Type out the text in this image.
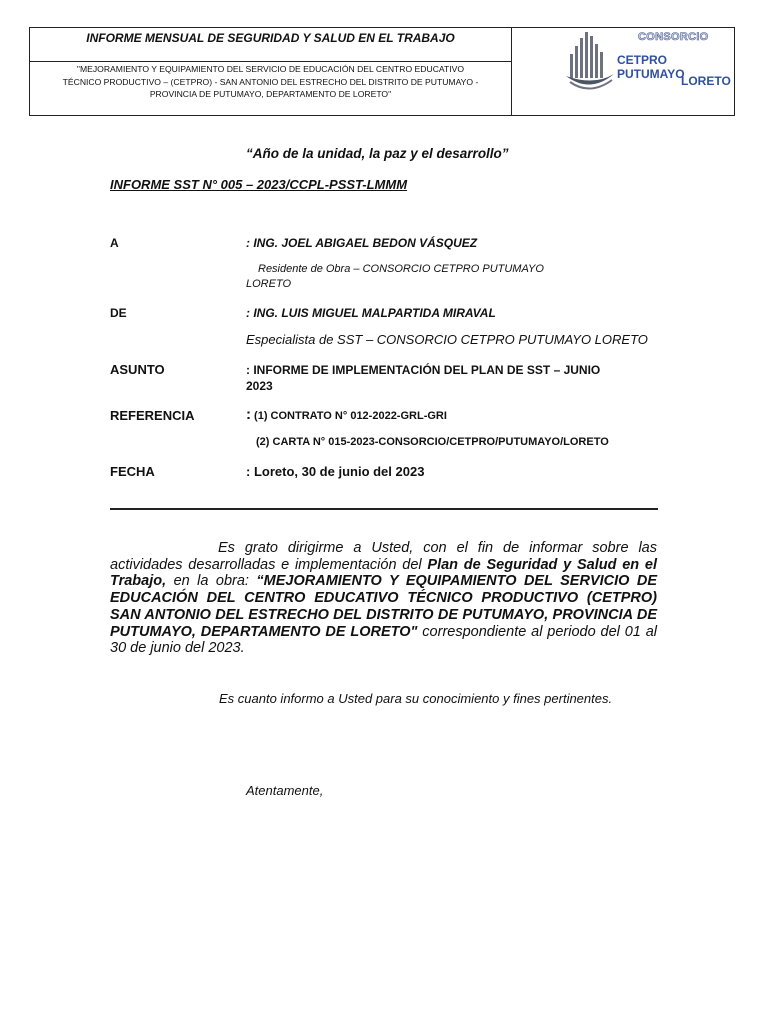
INFORME MENSUAL DE SEGURIDAD Y SALUD EN EL TRABAJO
"MEJORAMIENTO Y EQUIPAMIENTO DEL SERVICIO DE EDUCACIÓN DEL CENTRO EDUCATIVO
TÉCNICO PRODUCTIVO – (CETPRO) - SAN ANTONIO DEL ESTRECHO DEL DISTRITO DE PUTUMAYO -
PROVINCIA DE PUTUMAYO, DEPARTAMENTO DE LORETO"
CONSORCIO
CETPRO PUTUMAYO
LORETO
“Año de la unidad, la paz y el desarrollo”
INFORME SST N° 005 – 2023/CCPL-PSST-LMMM
A	: ING. JOEL ABIGAEL BEDON VÁSQUEZ
Residente de Obra – CONSORCIO CETPRO PUTUMAYO
LORETO
DE	: ING. LUIS MIGUEL MALPARTIDA MIRAVAL
Especialista de SST – CONSORCIO CETPRO PUTUMAYO LORETO
ASUNTO	: INFORME DE IMPLEMENTACIÓN DEL PLAN DE SST – JUNIO
2023
REFERENCIA	: (1) CONTRATO N° 012-2022-GRL-GRI
(2) CARTA N° 015-2023-CONSORCIO/CETPRO/PUTUMAYO/LORETO
FECHA	: Loreto, 30 de junio del 2023
Es grato dirigirme a Usted, con el fin de informar sobre las actividades desarrolladas e implementación del Plan de Seguridad y Salud en el Trabajo, en la obra: “MEJORAMIENTO Y EQUIPAMIENTO DEL SERVICIO DE EDUCACIÓN DEL CENTRO EDUCATIVO TÉCNICO PRODUCTIVO (CETPRO) SAN ANTONIO DEL ESTRECHO DEL DISTRITO DE PUTUMAYO, PROVINCIA DE PUTUMAYO, DEPARTAMENTO DE LORETO" correspondiente al periodo del 01 al 30 de junio del 2023.
Es cuanto informo a Usted para su conocimiento y fines pertinentes.
Atentamente,
